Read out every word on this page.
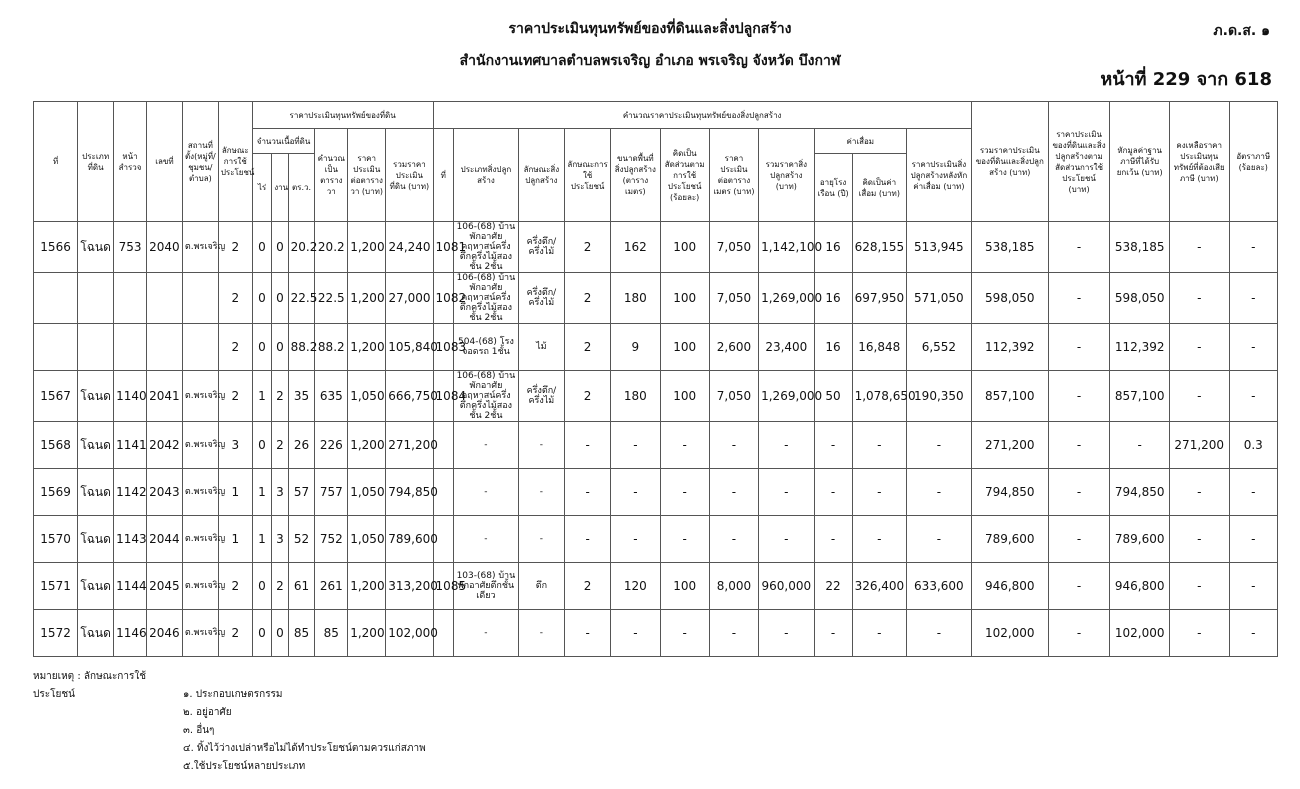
ราคาประเมินทุนทรัพย์ของที่ดินและสิ่งปลูกสร้าง
สำนักงานเทศบาลตำบลพรเจริญ อำเภอ พรเจริญ จังหวัด บึงกาฬ
ภ.ด.ส. ๑
หน้าที่ 229 จาก 618
ที่	ประเภทที่ดิน	หน้าสำรวจ	เลขที่	สถานที่ตั้ง(หมู่ที่/ชุมชน/ตำบล)	ลักษณะการใช้ประโยชน์	ราคาประเมินทุนทรัพย์ของที่ดิน						คำนวณราคาประเมินทุนทรัพย์ของสิ่งปลูกสร้าง											รวมราคาประเมินของที่ดินและสิ่งปลูกสร้าง (บาท)	ราคาประเมินของที่ดินและสิ่งปลูกสร้างตามสัดส่วนการใช้ประโยชน์ (บาท)	หักมูลค่าฐานภาษีที่ได้รับยกเว้น (บาท)	คงเหลือราคาประเมินทุนทรัพย์ที่ต้องเสียภาษี (บาท)	อัตราภาษี (ร้อยละ)
						จำนวนเนื้อที่ดิน			คำนวณเป็นตารางวา	ราคาประเมินต่อตารางวา (บาท)	รวมราคาประเมินที่ดิน (บาท)	ที่	ประเภทสิ่งปลูกสร้าง	ลักษณะสิ่งปลูกสร้าง	ลักษณะการใช้ประโยชน์	ขนาดพื้นที่สิ่งปลูกสร้าง (ตารางเมตร)	คิดเป็นสัดส่วนตามการใช้ประโยชน์ (ร้อยละ)	ราคาประเมินต่อตารางเมตร (บาท)	รวมราคาสิ่งปลูกสร้าง (บาท)	ค่าเสื่อม		ราคาประเมินสิ่งปลูกสร้างหลังหักค่าเสื่อม (บาท)					
						ไร่	งาน	ตร.ว.												อายุโรงเรือน (ปี)	คิดเป็นค่าเสื่อม (บาท)						
1566	โฉนด	753	2040	ต.พรเจริญ	2	0	0	20.2	20.2	1,200	24,240	1081	106-(68) บ้านพักอาศัยคฤหาสน์ครึ่งตึกครึ่งไม้สองชั้น 2ชั้น	ครึ่งตึก/ครึ่งไม้	2	162	100	7,050	1,142,100	16	628,155	513,945	538,185	-	538,185	-	-
					2	0	0	22.5	22.5	1,200	27,000	1082	106-(68) บ้านพักอาศัยคฤหาสน์ครึ่งตึกครึ่งไม้สองชั้น 2ชั้น	ครึ่งตึก/ครึ่งไม้	2	180	100	7,050	1,269,000	16	697,950	571,050	598,050	-	598,050	-	-
					2	0	0	88.2	88.2	1,200	105,840	1083	504-(68) โรงจอดรถ 1ชั้น	ไม้	2	9	100	2,600	23,400	16	16,848	6,552	112,392	-	112,392	-	-
1567	โฉนด	1140	2041	ต.พรเจริญ	2	1	2	35	635	1,050	666,750	1084	106-(68) บ้านพักอาศัยคฤหาสน์ครึ่งตึกครึ่งไม้สองชั้น 2ชั้น	ครึ่งตึก/ครึ่งไม้	2	180	100	7,050	1,269,000	50	1,078,650	190,350	857,100	-	857,100	-	-
1568	โฉนด	1141	2042	ต.พรเจริญ	3	0	2	26	226	1,200	271,200		-	-	-	-	-	-	-	-	-	-	271,200	-	-	271,200	0.3
1569	โฉนด	1142	2043	ต.พรเจริญ	1	1	3	57	757	1,050	794,850		-	-	-	-	-	-	-	-	-	-	794,850	-	794,850	-	-
1570	โฉนด	1143	2044	ต.พรเจริญ	1	1	3	52	752	1,050	789,600		-	-	-	-	-	-	-	-	-	-	789,600	-	789,600	-	-
1571	โฉนด	1144	2045	ต.พรเจริญ	2	0	2	61	261	1,200	313,200	1085	103-(68) บ้านพักอาศัยตึกชั้นเดียว	ตึก	2	120	100	8,000	960,000	22	326,400	633,600	946,800	-	946,800	-	-
1572	โฉนด	1146	2046	ต.พรเจริญ	2	0	0	85	85	1,200	102,000		-	-	-	-	-	-	-	-	-	-	102,000	-	102,000	-	-
หมายเหตุ : ลักษณะการใช้ประโยชน์	๑. ประกอบเกษตรกรรม
๒. อยู่อาศัย
๓. อื่นๆ
๔. ทิ้งไว้ว่างเปล่าหรือไม่ได้ทำประโยชน์ตามควรแก่สภาพ
๕.ใช้ประโยชน์หลายประเภท
